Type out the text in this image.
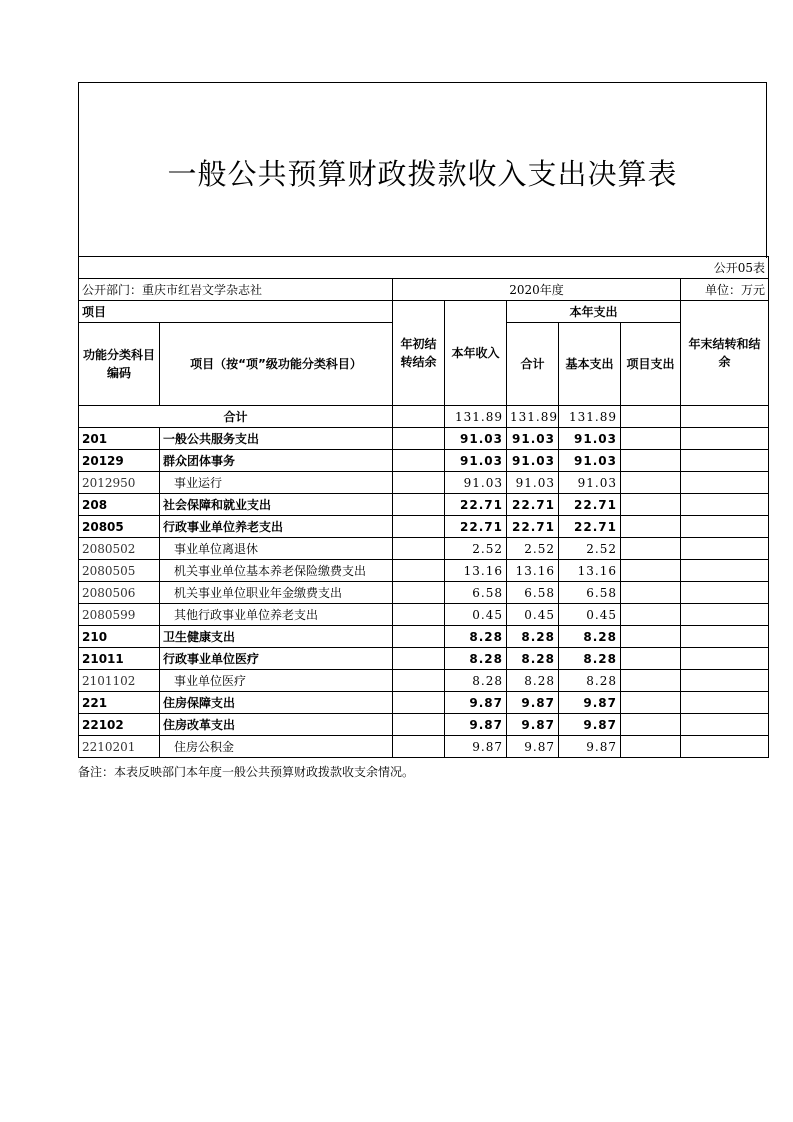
一般公共预算财政拨款收入支出决算表
公开05表							
公开部门：重庆市红岩文学杂志社		2020年度					单位：万元
项目		年初结转结余	本年收入	本年支出			年末结转和结余
功能分类科目编码	项目（按“项”级功能分类科目）			合计	基本支出	项目支出	
合计			131.89	131.89	131.89		
201	一般公共服务支出		91.03	91.03	91.03		
20129	群众团体事务		91.03	91.03	91.03		
2012950	事业运行		91.03	91.03	91.03		
208	社会保障和就业支出		22.71	22.71	22.71		
20805	行政事业单位养老支出		22.71	22.71	22.71		
2080502	事业单位离退休		2.52	2.52	2.52		
2080505	机关事业单位基本养老保险缴费支出		13.16	13.16	13.16		
2080506	机关事业单位职业年金缴费支出		6.58	6.58	6.58		
2080599	其他行政事业单位养老支出		0.45	0.45	0.45		
210	卫生健康支出		8.28	8.28	8.28		
21011	行政事业单位医疗		8.28	8.28	8.28		
2101102	事业单位医疗		8.28	8.28	8.28		
221	住房保障支出		9.87	9.87	9.87		
22102	住房改革支出		9.87	9.87	9.87		
2210201	住房公积金		9.87	9.87	9.87		
备注：本表反映部门本年度一般公共预算财政拨款收支余情况。
